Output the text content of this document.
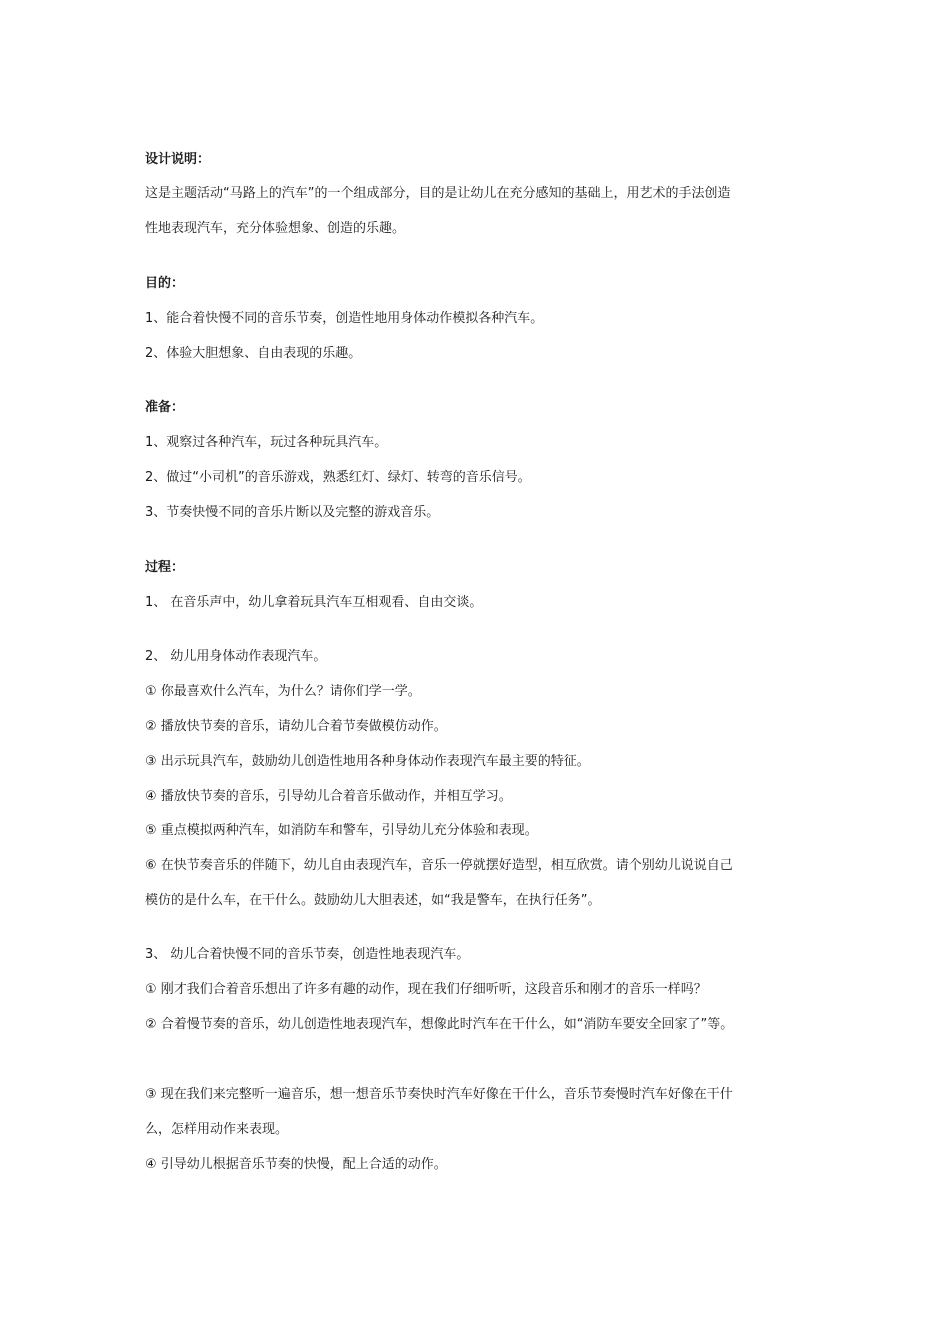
设计说明：
这是主题活动“马路上的汽车”的一个组成部分，目的是让幼儿在充分感知的基础上，用艺术的手法创造
性地表现汽车，充分体验想象、创造的乐趣。
目的：
1、能合着快慢不同的音乐节奏，创造性地用身体动作模拟各种汽车。
2、体验大胆想象、自由表现的乐趣。
准备：
1、观察过各种汽车，玩过各种玩具汽车。
2、做过“小司机”的音乐游戏，熟悉红灯、绿灯、转弯的音乐信号。
3、节奏快慢不同的音乐片断以及完整的游戏音乐。
过程：
1、 在音乐声中，幼儿拿着玩具汽车互相观看、自由交谈。
2、 幼儿用身体动作表现汽车。
① 你最喜欢什么汽车，为什么？请你们学一学。
② 播放快节奏的音乐，请幼儿合着节奏做模仿动作。
③ 出示玩具汽车，鼓励幼儿创造性地用各种身体动作表现汽车最主要的特征。
④ 播放快节奏的音乐，引导幼儿合着音乐做动作，并相互学习。
⑤ 重点模拟两种汽车，如消防车和警车，引导幼儿充分体验和表现。
⑥ 在快节奏音乐的伴随下，幼儿自由表现汽车，音乐一停就摆好造型，相互欣赏。请个别幼儿说说自己
模仿的是什么车，在干什么。鼓励幼儿大胆表述，如“我是警车，在执行任务”。
3、 幼儿合着快慢不同的音乐节奏，创造性地表现汽车。
① 刚才我们合着音乐想出了许多有趣的动作，现在我们仔细听听，这段音乐和刚才的音乐一样吗？
② 合着慢节奏的音乐，幼儿创造性地表现汽车，想像此时汽车在干什么，如“消防车要安全回家了”等。
③ 现在我们来完整听一遍音乐，想一想音乐节奏快时汽车好像在干什么，音乐节奏慢时汽车好像在干什
么，怎样用动作来表现。
④ 引导幼儿根据音乐节奏的快慢，配上合适的动作。
